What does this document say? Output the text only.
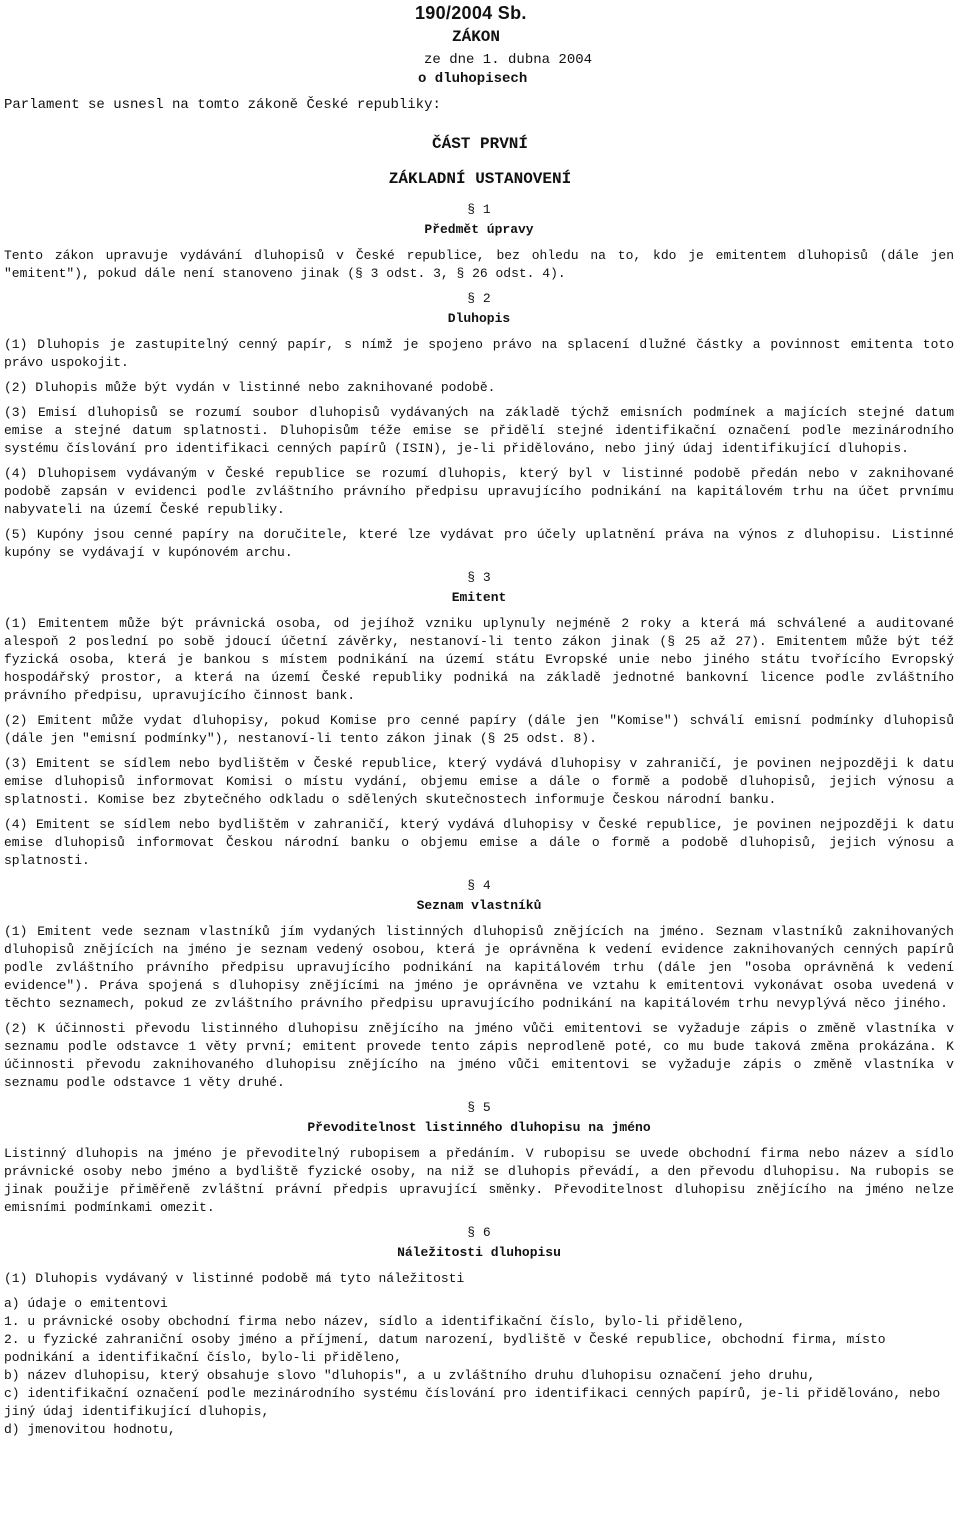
190/2004 Sb.
ZÁKON
ze dne 1. dubna 2004
o dluhopisech
Parlament se usnesl na tomto zákoně České republiky:
ČÁST PRVNÍ
ZÁKLADNÍ USTANOVENÍ
§ 1
Předmět úpravy

Tento zákon upravuje vydávání dluhopisů v České republice, bez ohledu na to, kdo je emitentem dluhopisů (dále jen "emitent"), pokud dále není stanoveno jinak (§ 3 odst. 3, § 26 odst. 4).

§ 2
Dluhopis

(1) Dluhopis je zastupitelný cenný papír, s nímž je spojeno právo na splacení dlužné částky a povinnost emitenta toto právo uspokojit.

(2) Dluhopis může být vydán v listinné nebo zaknihované podobě.

(3) Emisí dluhopisů se rozumí soubor dluhopisů vydávaných na základě týchž emisních podmínek a majících stejné datum emise a stejné datum splatnosti. Dluhopisům téže emise se přidělí stejné identifikační označení podle mezinárodního systému číslování pro identifikaci cenných papírů (ISIN), je-li přidělováno, nebo jiný údaj identifikující dluhopis.

(4) Dluhopisem vydávaným v České republice se rozumí dluhopis, který byl v listinné podobě předán nebo v zaknihované podobě zapsán v evidenci podle zvláštního právního předpisu upravujícího podnikání na kapitálovém trhu na účet prvnímu nabyvateli na území České republiky.

(5) Kupóny jsou cenné papíry na doručitele, které lze vydávat pro účely uplatnění práva na výnos z dluhopisu. Listinné kupóny se vydávají v kupónovém archu.

§ 3
Emitent

(1) Emitentem může být právnická osoba, od jejíhož vzniku uplynuly nejméně 2 roky a která má schválené a auditované alespoň 2 poslední po sobě jdoucí účetní závěrky, nestanoví-li tento zákon jinak (§ 25 až 27). Emitentem může být též fyzická osoba, která je bankou s místem podnikání na území státu Evropské unie nebo jiného státu tvořícího Evropský hospodářský prostor, a která na území České republiky podniká na základě jednotné bankovní licence podle zvláštního právního předpisu, upravujícího činnost bank.

(2) Emitent může vydat dluhopisy, pokud Komise pro cenné papíry (dále jen "Komise") schválí emisní podmínky dluhopisů (dále jen "emisní podmínky"), nestanoví-li tento zákon jinak (§ 25 odst. 8).

(3) Emitent se sídlem nebo bydlištěm v České republice, který vydává dluhopisy v zahraničí, je povinen nejpozději k datu emise dluhopisů informovat Komisi o místu vydání, objemu emise a dále o formě a podobě dluhopisů, jejich výnosu a splatnosti. Komise bez zbytečného odkladu o sdělených skutečnostech informuje Českou národní banku.

(4) Emitent se sídlem nebo bydlištěm v zahraničí, který vydává dluhopisy v České republice, je povinen nejpozději k datu emise dluhopisů informovat Českou národní banku o objemu emise a dále o formě a podobě dluhopisů, jejich výnosu a splatnosti.

§ 4
Seznam vlastníků

(1) Emitent vede seznam vlastníků jím vydaných listinných dluhopisů znějících na jméno. Seznam vlastníků zaknihovaných dluhopisů znějících na jméno je seznam vedený osobou, která je oprávněna k vedení evidence zaknihovaných cenných papírů podle zvláštního právního předpisu upravujícího podnikání na kapitálovém trhu (dále jen "osoba oprávněná k vedení evidence"). Práva spojená s dluhopisy znějícími na jméno je oprávněna ve vztahu k emitentovi vykonávat osoba uvedená v těchto seznamech, pokud ze zvláštního právního předpisu upravujícího podnikání na kapitálovém trhu nevyplývá něco jiného.

(2) K účinnosti převodu listinného dluhopisu znějícího na jméno vůči emitentovi se vyžaduje zápis o změně vlastníka v seznamu podle odstavce 1 věty první; emitent provede tento zápis neprodleně poté, co mu bude taková změna prokázána. K účinnosti převodu zaknihovaného dluhopisu znějícího na jméno vůči emitentovi se vyžaduje zápis o změně vlastníka v seznamu podle odstavce 1 věty druhé.

§ 5
Převoditelnost listinného dluhopisu na jméno

Listinný dluhopis na jméno je převoditelný rubopisem a předáním. V rubopisu se uvede obchodní firma nebo název a sídlo právnické osoby nebo jméno a bydliště fyzické osoby, na niž se dluhopis převádí, a den převodu dluhopisu. Na rubopis se jinak použije přiměřeně zvláštní právní předpis upravující směnky. Převoditelnost dluhopisu znějícího na jméno nelze emisními podmínkami omezit.

§ 6
Náležitosti dluhopisu

(1) Dluhopis vydávaný v listinné podobě má tyto náležitosti

a) údaje o emitentovi
1. u právnické osoby obchodní firma nebo název, sídlo a identifikační číslo, bylo-li přiděleno,
2. u fyzické zahraniční osoby jméno a příjmení, datum narození, bydliště v České republice, obchodní firma, místo podnikání a identifikační číslo, bylo-li přiděleno,
b) název dluhopisu, který obsahuje slovo "dluhopis", a u zvláštního druhu dluhopisu označení jeho druhu,
c) identifikační označení podle mezinárodního systému číslování pro identifikaci cenných papírů, je-li přidělováno, nebo jiný údaj identifikující dluhopis,
d) jmenovitou hodnotu,
